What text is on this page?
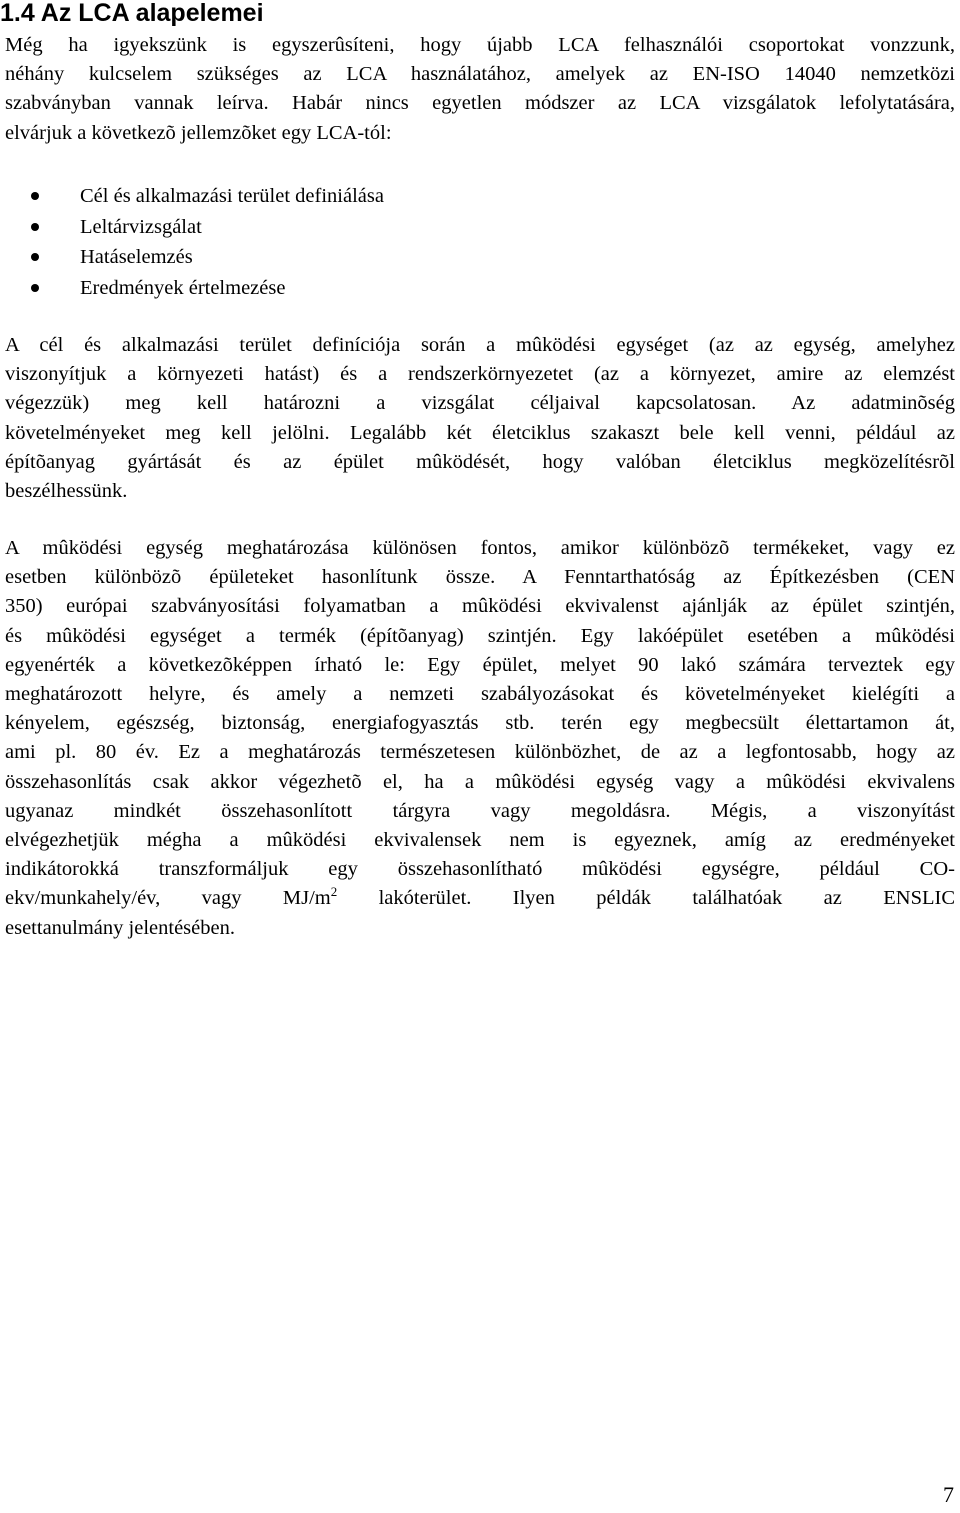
1.4 Az LCA alapelemei

Még ha igyekszünk is egyszerûsíteni, hogy újabb LCA felhasználói csoportokat vonzzunk,
néhány kulcselem szükséges az LCA használatához, amelyek az EN-ISO 14040 nemzetközi
szabványban vannak leírva. Habár nincs egyetlen módszer az LCA vizsgálatok lefolytatására,
elvárjuk a következõ jellemzõket egy LCA-tól:

Cél és alkalmazási terület definiálása
Leltárvizsgálat
Hatáselemzés
Eredmények értelmezése

A cél és alkalmazási terület definíciója során a mûködési egységet (az az egység, amelyhez
viszonyítjuk a környezeti hatást) és a rendszerkörnyezetet (az a környezet, amire az elemzést
végezzük) meg kell határozni a vizsgálat céljaival kapcsolatosan. Az adatminõség
követelményeket meg kell jelölni. Legalább két életciklus szakaszt bele kell venni, például az
építõanyag gyártását és az épület mûködését, hogy valóban életciklus megközelítésrõl
beszélhessünk.

A mûködési egység meghatározása különösen fontos, amikor különbözõ termékeket, vagy ez
esetben különbözõ épületeket hasonlítunk össze. A Fenntarthatóság az Építkezésben (CEN
350) európai szabványosítási folyamatban a mûködési ekvivalenst ajánlják az épület szintjén,
és mûködési egységet a termék (építõanyag) szintjén. Egy lakóépület esetében a mûködési
egyenérték a következõképpen írható le: Egy épület, melyet 90 lakó számára terveztek egy
meghatározott helyre, és amely a nemzeti szabályozásokat és követelményeket kielégíti a
kényelem, egészség, biztonság, energiafogyasztás stb. terén egy megbecsült élettartamon át,
ami pl. 80 év. Ez a meghatározás természetesen különbözhet, de az a legfontosabb, hogy az
összehasonlítás csak akkor végezhetõ el, ha a mûködési egység vagy a mûködési ekvivalens
ugyanaz mindkét összehasonlított tárgyra vagy megoldásra. Mégis, a viszonyítást
elvégezhetjük mégha a mûködési ekvivalensek nem is egyeznek, amíg az eredményeket
indikátorokká transzformáljuk egy összehasonlítható mûködési egységre, például CO-
ekv/munkahely/év, vagy $MJ/m^2$ lakóterület. Ilyen példák találhatóak az ENSLIC
esettanulmány jelentésében.

7
